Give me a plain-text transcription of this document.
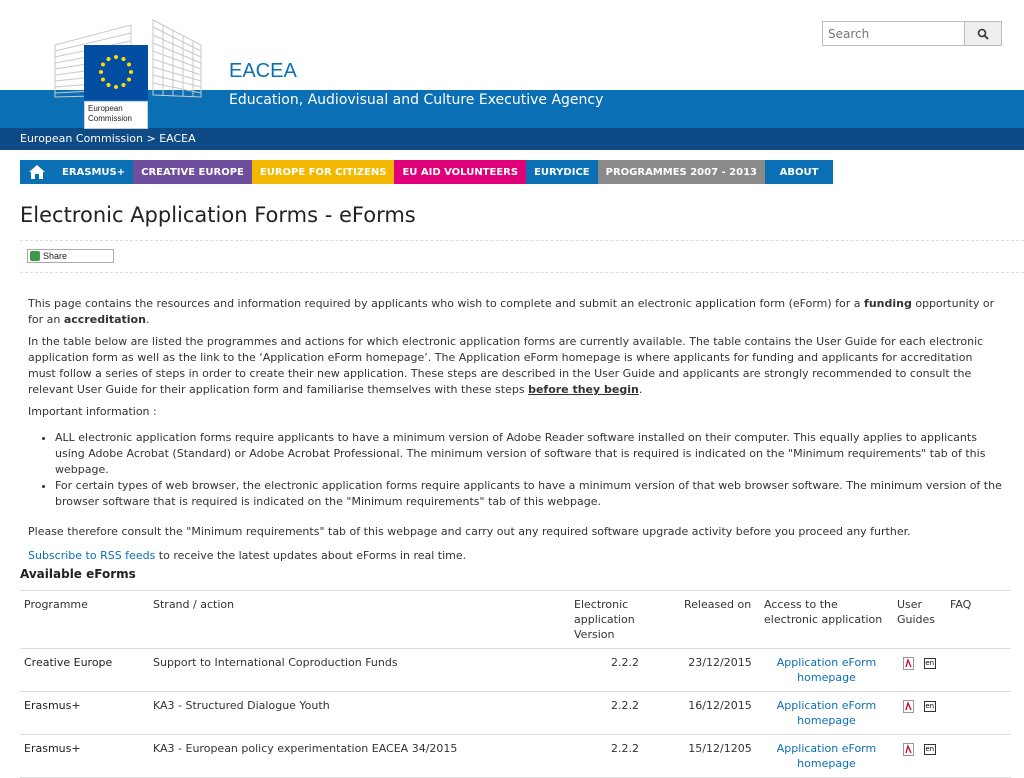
European
Commission
EACEA
Education, Audiovisual and Culture Executive Agency
European Commission > EACEA
Search
ERASMUS+	CREATIVE EUROPE	EUROPE FOR CITIZENS	EU AID VOLUNTEERS	EURYDICE	PROGRAMMES 2007 - 2013	ABOUT
Electronic Application Forms - eForms
Share

This page contains the resources and information required by applicants who wish to complete and submit an electronic application form (eForm) for a funding opportunity or for an accreditation.

In the table below are listed the programmes and actions for which electronic application forms are currently available. The table contains the User Guide for each electronic application form as well as the link to the ‘Application eForm homepage’. The Application eForm homepage is where applicants for funding and applicants for accreditation must follow a series of steps in order to create their new application. These steps are described in the User Guide and applicants are strongly recommended to consult the relevant User Guide for their application form and familiarise themselves with these steps before they begin.

Important information :

• ALL electronic application forms require applicants to have a minimum version of Adobe Reader software installed on their computer. This equally applies to applicants using Adobe Acrobat (Standard) or Adobe Acrobat Professional. The minimum version of software that is required is indicated on the "Minimum requirements" tab of this webpage.
• For certain types of web browser, the electronic application forms require applicants to have a minimum version of that web browser software. The minimum version of the browser software that is required is indicated on the "Minimum requirements" tab of this webpage.

Please therefore consult the "Minimum requirements" tab of this webpage and carry out any required software upgrade activity before you proceed any further.

Subscribe to RSS feeds to receive the latest updates about eForms in real time.

Available eForms
Programme	Strand / action	Electronic application Version	Released on	Access to the electronic application	User Guides	FAQ
Creative Europe	Support to International Coproduction Funds	2.2.2	23/12/2015	Application eForm homepage	en	
Erasmus+	KA3 - Structured Dialogue Youth	2.2.2	16/12/2015	Application eForm homepage	en	
Erasmus+	KA3 - European policy experimentation EACEA 34/2015	2.2.2	15/12/1205	Application eForm homepage	en	
